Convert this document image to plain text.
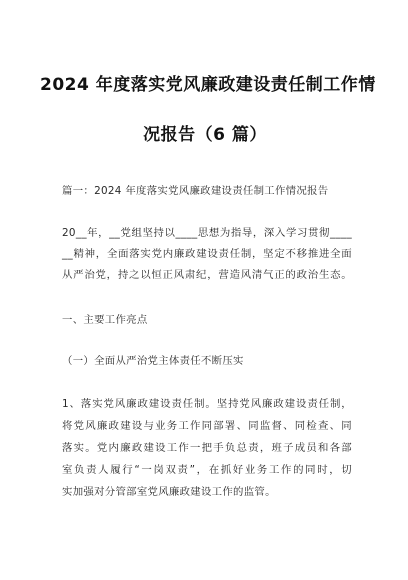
2024 年度落实党风廉政建设责任制工作情
况报告（6 篇）
篇一：2024 年度落实党风廉政建设责任制工作情况报告
20__年，__党组坚持以____思想为指导，深入学习贯彻____
__精神，全面落实党内廉政建设责任制，坚定不移推进全面
从严治党，持之以恒正风肃纪，营造风清气正的政治生态。
一、主要工作亮点
（一）全面从严治党主体责任不断压实
1、落实党风廉政建设责任制。坚持党风廉政建设责任制，
将党风廉政建设与业务工作同部署、同监督、同检查、同
落实。党内廉政建设工作一把手负总责，班子成员和各部
室负责人履行“一岗双责”，在抓好业务工作的同时，切
实加强对分管部室党风廉政建设工作的监管。
